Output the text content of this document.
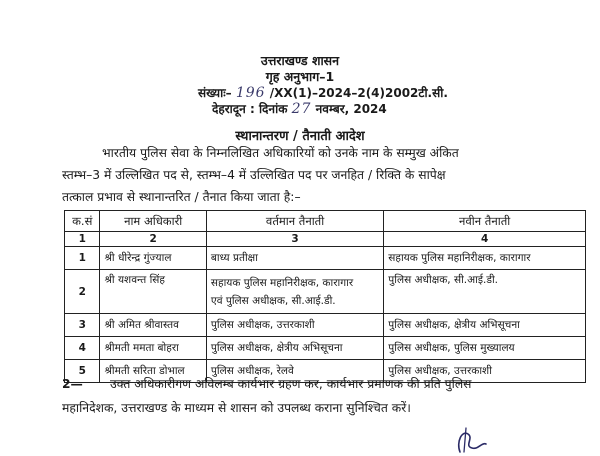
उत्तराखण्ड शासन
गृह अनुभाग–1
संख्याः– 196 /XX(1)–2024–2(4)2002टी.सी.
देहरादून : दिनांक 27 नवम्बर, 2024
स्थानान्तरण / तैनाती आदेश
भारतीय पुलिस सेवा के निम्नलिखित अधिकारियों को उनके नाम के सम्मुख अंकित
स्तम्भ–3 में उल्लिखित पद से, स्तम्भ–4 में उल्लिखित पद पर जनहित / रिक्ति के सापेक्ष
तत्काल प्रभाव से स्थानान्तरित / तैनात किया जाता है:–
क.सं	नाम अधिकारी	वर्तमान तैनाती	नवीन तैनाती
1	2	3	4
1	श्री धीरेन्द्र गुंज्याल	बाध्य प्रतीक्षा	सहायक पुलिस महानिरीक्षक, कारागार
2	श्री यशवन्त सिंह	सहायक पुलिस महानिरीक्षक, कारागार
एवं पुलिस अधीक्षक, सी.आई.डी.	पुलिस अधीक्षक, सी.आई.डी.
3	श्री अमित श्रीवास्तव	पुलिस अधीक्षक, उत्तरकाशी	पुलिस अधीक्षक, क्षेत्रीय अभिसूचना
4	श्रीमती ममता बोहरा	पुलिस अधीक्षक, क्षेत्रीय अभिसूचना	पुलिस अधीक्षक, पुलिस मुख्यालय
5	श्रीमती सरिता डोभाल	पुलिस अधीक्षक, रेलवे	पुलिस अधीक्षक, उत्तरकाशी
2— उक्त अधिकारीगण अविलम्ब कार्यभार ग्रहण कर, कार्यभार प्रमाणक की प्रति पुलिस
महानिदेशक, उत्तराखण्ड के माध्यम से शासन को उपलब्ध कराना सुनिश्चित करें।
